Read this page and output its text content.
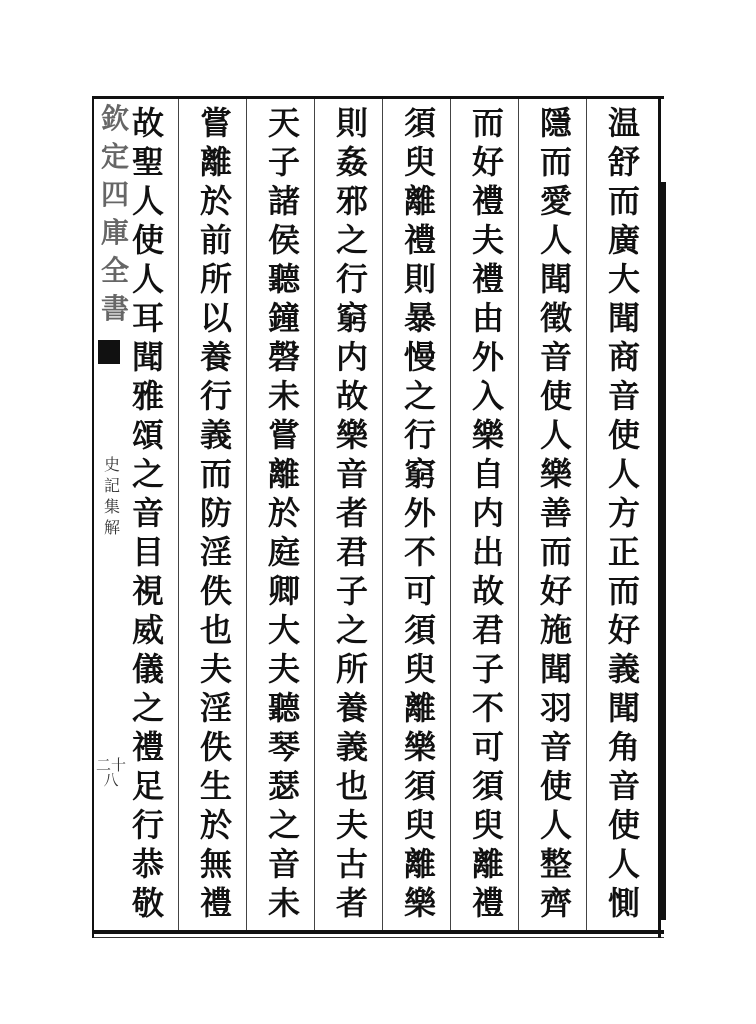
欽
定
四
庫
全
書
史
記
集
解
二十八
温
舒
而
廣
大
聞
商
音
使
人
方
正
而
好
義
聞
角
音
使
人
惻
隱
而
愛
人
聞
徵
音
使
人
樂
善
而
好
施
聞
羽
音
使
人
整
齊
而
好
禮
夫
禮
由
外
入
樂
自
内
出
故
君
子
不
可
須
臾
離
禮
須
臾
離
禮
則
暴
慢
之
行
窮
外
不
可
須
臾
離
樂
須
臾
離
樂
則
姦
邪
之
行
窮
内
故
樂
音
者
君
子
之
所
養
義
也
夫
古
者
天
子
諸
侯
聽
鐘
磬
未
嘗
離
於
庭
卿
大
夫
聽
琴
瑟
之
音
未
嘗
離
於
前
所
以
養
行
義
而
防
淫
佚
也
夫
淫
佚
生
於
無
禮
故
聖
人
使
人
耳
聞
雅
頌
之
音
目
視
威
儀
之
禮
足
行
恭
敬
